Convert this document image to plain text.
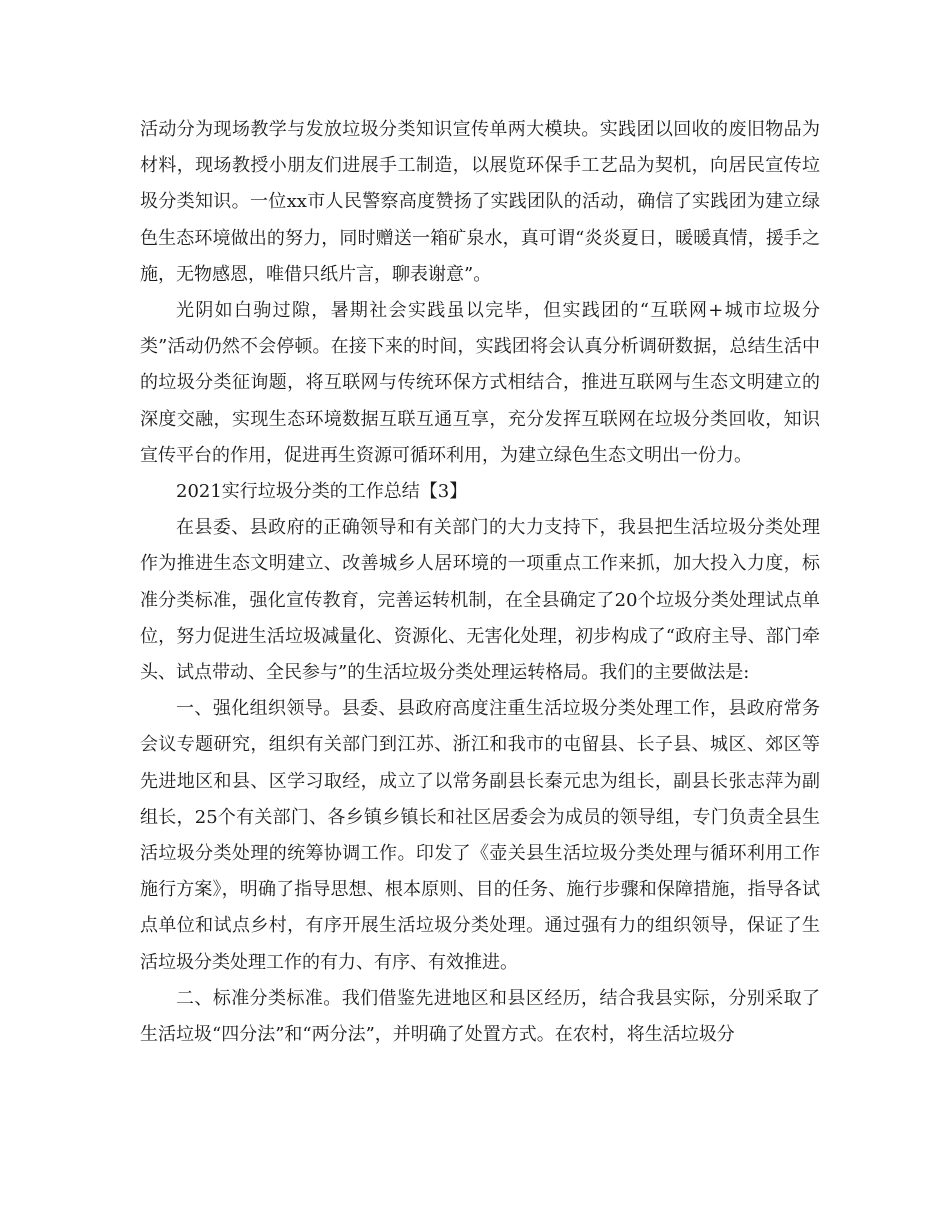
活动分为现场教学与发放垃圾分类知识宣传单两大模块。实践团以回收的废旧物品为材料，现场教授小朋友们进展手工制造，以展览环保手工艺品为契机，向居民宣传垃圾分类知识。一位xx市人民警察高度赞扬了实践团队的活动，确信了实践团为建立绿色生态环境做出的努力，同时赠送一箱矿泉水，真可谓“炎炎夏日，暖暖真情，援手之施，无物感恩，唯借只纸片言，聊表谢意”。

光阴如白驹过隙，暑期社会实践虽以完毕，但实践团的“互联网+城市垃圾分类”活动仍然不会停顿。在接下来的时间，实践团将会认真分析调研数据，总结生活中的垃圾分类征询题，将互联网与传统环保方式相结合，推进互联网与生态文明建立的深度交融，实现生态环境数据互联互通互享，充分发挥互联网在垃圾分类回收，知识宣传平台的作用，促进再生资源可循环利用，为建立绿色生态文明出一份力。

2021实行垃圾分类的工作总结【3】

在县委、县政府的正确领导和有关部门的大力支持下，我县把生活垃圾分类处理作为推进生态文明建立、改善城乡人居环境的一项重点工作来抓，加大投入力度，标准分类标准，强化宣传教育，完善运转机制，在全县确定了20个垃圾分类处理试点单位，努力促进生活垃圾减量化、资源化、无害化处理，初步构成了“政府主导、部门牵头、试点带动、全民参与”的生活垃圾分类处理运转格局。我们的主要做法是:

一、强化组织领导。县委、县政府高度注重生活垃圾分类处理工作，县政府常务会议专题研究，组织有关部门到江苏、浙江和我市的屯留县、长子县、城区、郊区等先进地区和县、区学习取经，成立了以常务副县长秦元忠为组长，副县长张志萍为副组长，25个有关部门、各乡镇乡镇长和社区居委会为成员的领导组，专门负责全县生活垃圾分类处理的统筹协调工作。印发了《壶关县生活垃圾分类处理与循环利用工作施行方案》，明确了指导思想、根本原则、目的任务、施行步骤和保障措施，指导各试点单位和试点乡村，有序开展生活垃圾分类处理。通过强有力的组织领导，保证了生活垃圾分类处理工作的有力、有序、有效推进。

二、标准分类标准。我们借鉴先进地区和县区经历，结合我县实际，分别采取了生活垃圾“四分法”和“两分法”，并明确了处置方式。在农村，将生活垃圾分
